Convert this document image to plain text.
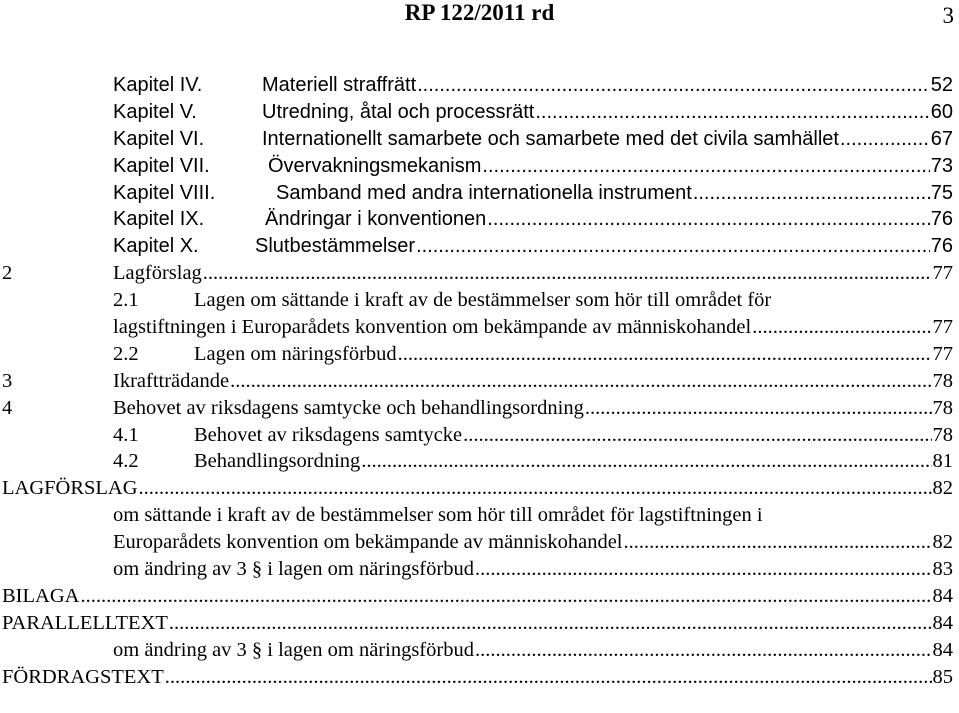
RP 122/2011 rd	3
Kapitel IV.	Materiell straffrätt .....	52
Kapitel V.	Utredning, åtal och processrätt .....	60
Kapitel VI.	Internationellt samarbete och samarbete med det civila samhället .....	67
Kapitel VII.	Övervakningsmekanism .....	73
Kapitel VIII.	Samband med andra internationella instrument .....	75
Kapitel IX.	Ändringar i konventionen .....	76
Kapitel X.	Slutbestämmelser .....	76
2	Lagförslag .....	77
2.1	Lagen om sättande i kraft av de bestämmelser som hör till området för
lagstiftningen i Europarådets konvention om bekämpande av människohandel .....	77
2.2	Lagen om näringsförbud .....	77
3	Ikraftträdande .....	78
4	Behovet av riksdagens samtycke och behandlingsordning .....	78
4.1	Behovet av riksdagens samtycke .....	78
4.2	Behandlingsordning .....	81
LAGFÖRSLAG .....	82
om sättande i kraft av de bestämmelser som hör till området för lagstiftningen i
Europarådets konvention om bekämpande av människohandel .....	82
om ändring av 3 § i lagen om näringsförbud .....	83
BILAGA .....	84
PARALLELLTEXT .....	84
om ändring av 3 § i lagen om näringsförbud .....	84
FÖRDRAGSTEXT .....	85
